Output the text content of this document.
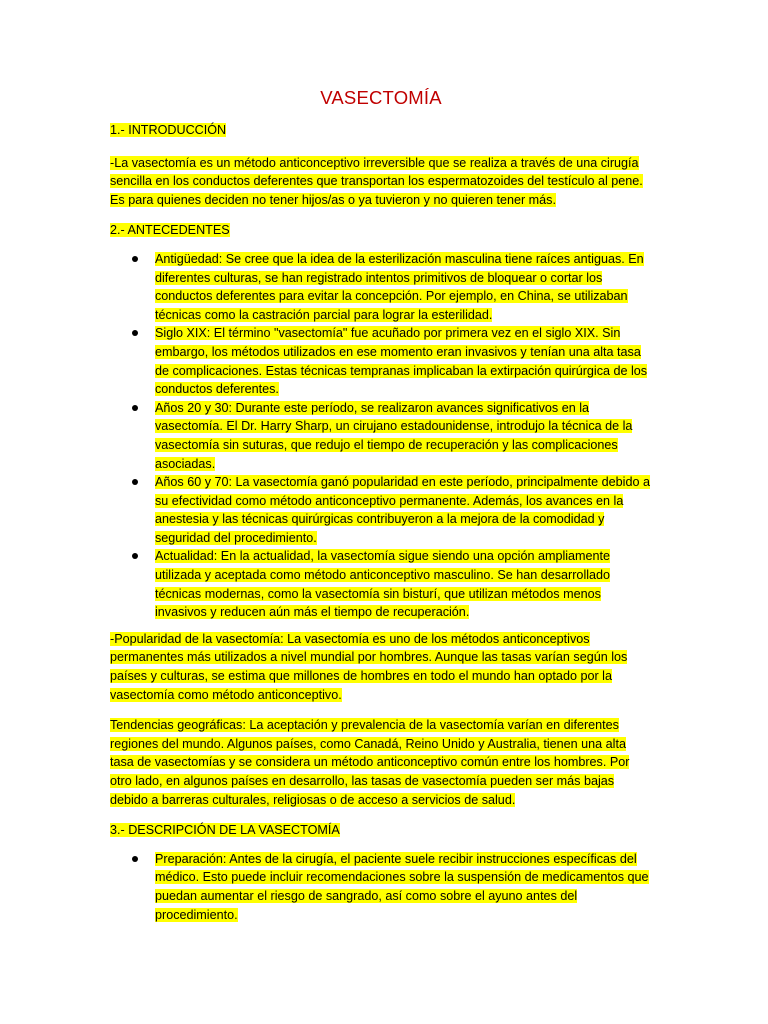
VASECTOMÍA
1.- INTRODUCCIÓN
-La vasectomía es un método anticonceptivo irreversible que se realiza a través de una cirugía sencilla en los conductos deferentes que transportan los espermatozoides del testículo al pene. Es para quienes deciden no tener hijos/as o ya tuvieron y no quieren tener más.
2.- ANTECEDENTES
Antigüedad: Se cree que la idea de la esterilización masculina tiene raíces antiguas. En diferentes culturas, se han registrado intentos primitivos de bloquear o cortar los conductos deferentes para evitar la concepción. Por ejemplo, en China, se utilizaban técnicas como la castración parcial para lograr la esterilidad.
Siglo XIX: El término "vasectomía" fue acuñado por primera vez en el siglo XIX. Sin embargo, los métodos utilizados en ese momento eran invasivos y tenían una alta tasa de complicaciones. Estas técnicas tempranas implicaban la extirpación quirúrgica de los conductos deferentes.
Años 20 y 30: Durante este período, se realizaron avances significativos en la vasectomía. El Dr. Harry Sharp, un cirujano estadounidense, introdujo la técnica de la vasectomía sin suturas, que redujo el tiempo de recuperación y las complicaciones asociadas.
Años 60 y 70: La vasectomía ganó popularidad en este período, principalmente debido a su efectividad como método anticonceptivo permanente. Además, los avances en la anestesia y las técnicas quirúrgicas contribuyeron a la mejora de la comodidad y seguridad del procedimiento.
Actualidad: En la actualidad, la vasectomía sigue siendo una opción ampliamente utilizada y aceptada como método anticonceptivo masculino. Se han desarrollado técnicas modernas, como la vasectomía sin bisturí, que utilizan métodos menos invasivos y reducen aún más el tiempo de recuperación.
-Popularidad de la vasectomía: La vasectomía es uno de los métodos anticonceptivos permanentes más utilizados a nivel mundial por hombres. Aunque las tasas varían según los países y culturas, se estima que millones de hombres en todo el mundo han optado por la vasectomía como método anticonceptivo.
Tendencias geográficas: La aceptación y prevalencia de la vasectomía varían en diferentes regiones del mundo. Algunos países, como Canadá, Reino Unido y Australia, tienen una alta tasa de vasectomías y se considera un método anticonceptivo común entre los hombres. Por otro lado, en algunos países en desarrollo, las tasas de vasectomía pueden ser más bajas debido a barreras culturales, religiosas o de acceso a servicios de salud.
3.- DESCRIPCIÓN DE LA VASECTOMÍA
Preparación: Antes de la cirugía, el paciente suele recibir instrucciones específicas del médico. Esto puede incluir recomendaciones sobre la suspensión de medicamentos que puedan aumentar el riesgo de sangrado, así como sobre el ayuno antes del procedimiento.
